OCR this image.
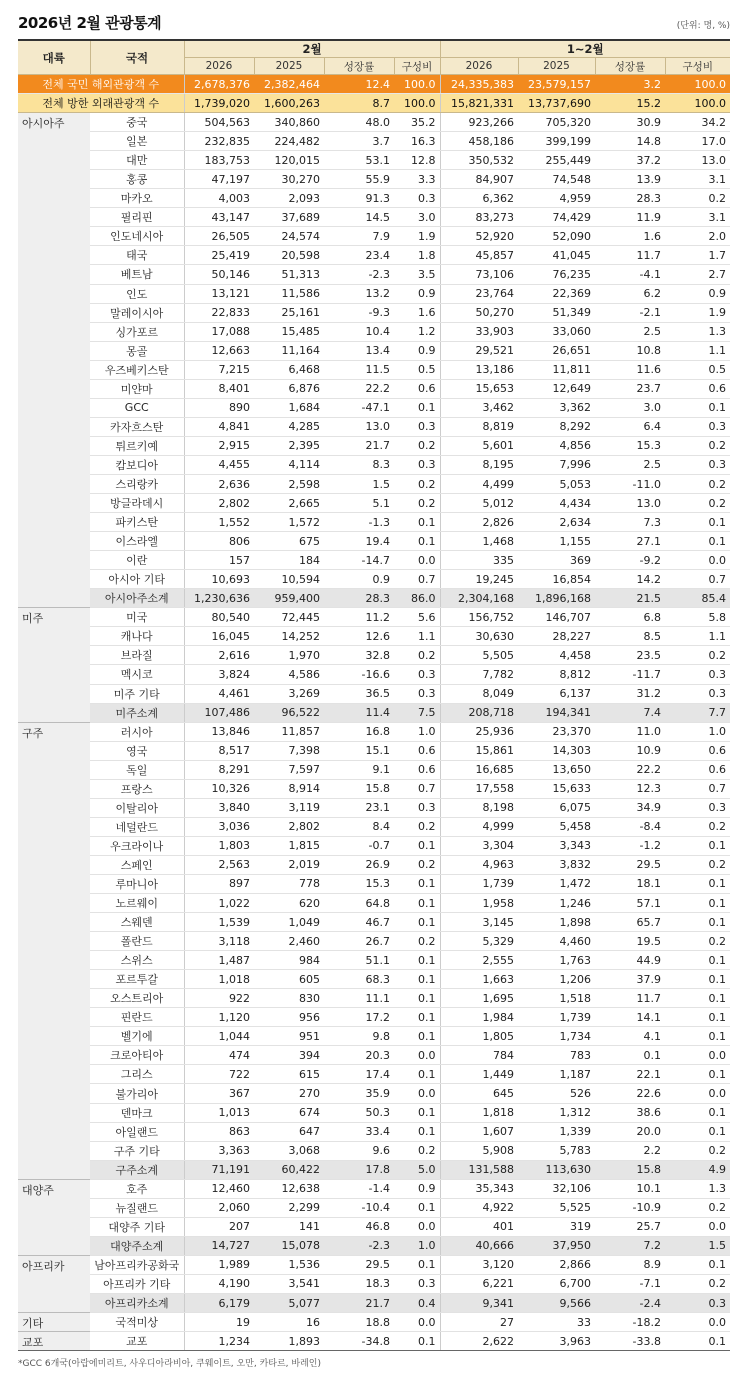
2026년 2월 관광통계	(단위: 명, %)
대륙	국적	2월				1~2월			
		2026	2025	성장률	구성비	2026	2025	성장률	구성비
전체 국민 해외관광객 수		2,678,376	2,382,464	12.4	100.0	24,335,383	23,579,157	3.2	100.0
전체 방한 외래관광객 수		1,739,020	1,600,263	8.7	100.0	15,821,331	13,737,690	15.2	100.0
아시아주	중국	504,563	340,860	48.0	35.2	923,266	705,320	30.9	34.2
	일본	232,835	224,482	3.7	16.3	458,186	399,199	14.8	17.0
	대만	183,753	120,015	53.1	12.8	350,532	255,449	37.2	13.0
	홍콩	47,197	30,270	55.9	3.3	84,907	74,548	13.9	3.1
	마카오	4,003	2,093	91.3	0.3	6,362	4,959	28.3	0.2
	필리핀	43,147	37,689	14.5	3.0	83,273	74,429	11.9	3.1
	인도네시아	26,505	24,574	7.9	1.9	52,920	52,090	1.6	2.0
	태국	25,419	20,598	23.4	1.8	45,857	41,045	11.7	1.7
	베트남	50,146	51,313	-2.3	3.5	73,106	76,235	-4.1	2.7
	인도	13,121	11,586	13.2	0.9	23,764	22,369	6.2	0.9
	말레이시아	22,833	25,161	-9.3	1.6	50,270	51,349	-2.1	1.9
	싱가포르	17,088	15,485	10.4	1.2	33,903	33,060	2.5	1.3
	몽골	12,663	11,164	13.4	0.9	29,521	26,651	10.8	1.1
	우즈베키스탄	7,215	6,468	11.5	0.5	13,186	11,811	11.6	0.5
	미얀마	8,401	6,876	22.2	0.6	15,653	12,649	23.7	0.6
	GCC	890	1,684	-47.1	0.1	3,462	3,362	3.0	0.1
	카자흐스탄	4,841	4,285	13.0	0.3	8,819	8,292	6.4	0.3
	튀르키예	2,915	2,395	21.7	0.2	5,601	4,856	15.3	0.2
	캄보디아	4,455	4,114	8.3	0.3	8,195	7,996	2.5	0.3
	스리랑카	2,636	2,598	1.5	0.2	4,499	5,053	-11.0	0.2
	방글라데시	2,802	2,665	5.1	0.2	5,012	4,434	13.0	0.2
	파키스탄	1,552	1,572	-1.3	0.1	2,826	2,634	7.3	0.1
	이스라엘	806	675	19.4	0.1	1,468	1,155	27.1	0.1
	이란	157	184	-14.7	0.0	335	369	-9.2	0.0
	아시아 기타	10,693	10,594	0.9	0.7	19,245	16,854	14.2	0.7
	아시아주소계	1,230,636	959,400	28.3	86.0	2,304,168	1,896,168	21.5	85.4
미주	미국	80,540	72,445	11.2	5.6	156,752	146,707	6.8	5.8
	캐나다	16,045	14,252	12.6	1.1	30,630	28,227	8.5	1.1
	브라질	2,616	1,970	32.8	0.2	5,505	4,458	23.5	0.2
	멕시코	3,824	4,586	-16.6	0.3	7,782	8,812	-11.7	0.3
	미주 기타	4,461	3,269	36.5	0.3	8,049	6,137	31.2	0.3
	미주소계	107,486	96,522	11.4	7.5	208,718	194,341	7.4	7.7
구주	러시아	13,846	11,857	16.8	1.0	25,936	23,370	11.0	1.0
	영국	8,517	7,398	15.1	0.6	15,861	14,303	10.9	0.6
	독일	8,291	7,597	9.1	0.6	16,685	13,650	22.2	0.6
	프랑스	10,326	8,914	15.8	0.7	17,558	15,633	12.3	0.7
	이탈리아	3,840	3,119	23.1	0.3	8,198	6,075	34.9	0.3
	네덜란드	3,036	2,802	8.4	0.2	4,999	5,458	-8.4	0.2
	우크라이나	1,803	1,815	-0.7	0.1	3,304	3,343	-1.2	0.1
	스페인	2,563	2,019	26.9	0.2	4,963	3,832	29.5	0.2
	루마니아	897	778	15.3	0.1	1,739	1,472	18.1	0.1
	노르웨이	1,022	620	64.8	0.1	1,958	1,246	57.1	0.1
	스웨덴	1,539	1,049	46.7	0.1	3,145	1,898	65.7	0.1
	폴란드	3,118	2,460	26.7	0.2	5,329	4,460	19.5	0.2
	스위스	1,487	984	51.1	0.1	2,555	1,763	44.9	0.1
	포르투갈	1,018	605	68.3	0.1	1,663	1,206	37.9	0.1
	오스트리아	922	830	11.1	0.1	1,695	1,518	11.7	0.1
	핀란드	1,120	956	17.2	0.1	1,984	1,739	14.1	0.1
	벨기에	1,044	951	9.8	0.1	1,805	1,734	4.1	0.1
	크로아티아	474	394	20.3	0.0	784	783	0.1	0.0
	그리스	722	615	17.4	0.1	1,449	1,187	22.1	0.1
	불가리아	367	270	35.9	0.0	645	526	22.6	0.0
	덴마크	1,013	674	50.3	0.1	1,818	1,312	38.6	0.1
	아일랜드	863	647	33.4	0.1	1,607	1,339	20.0	0.1
	구주 기타	3,363	3,068	9.6	0.2	5,908	5,783	2.2	0.2
	구주소계	71,191	60,422	17.8	5.0	131,588	113,630	15.8	4.9
대양주	호주	12,460	12,638	-1.4	0.9	35,343	32,106	10.1	1.3
	뉴질랜드	2,060	2,299	-10.4	0.1	4,922	5,525	-10.9	0.2
	대양주 기타	207	141	46.8	0.0	401	319	25.7	0.0
	대양주소계	14,727	15,078	-2.3	1.0	40,666	37,950	7.2	1.5
아프리카	남아프리카공화국	1,989	1,536	29.5	0.1	3,120	2,866	8.9	0.1
	아프리카 기타	4,190	3,541	18.3	0.3	6,221	6,700	-7.1	0.2
	아프리카소계	6,179	5,077	21.7	0.4	9,341	9,566	-2.4	0.3
기타	국적미상	19	16	18.8	0.0	27	33	-18.2	0.0
교포	교포	1,234	1,893	-34.8	0.1	2,622	3,963	-33.8	0.1
*GCC 6개국(아랍에미리트, 사우디아라비아, 쿠웨이트, 오만, 카타르, 바레인)
